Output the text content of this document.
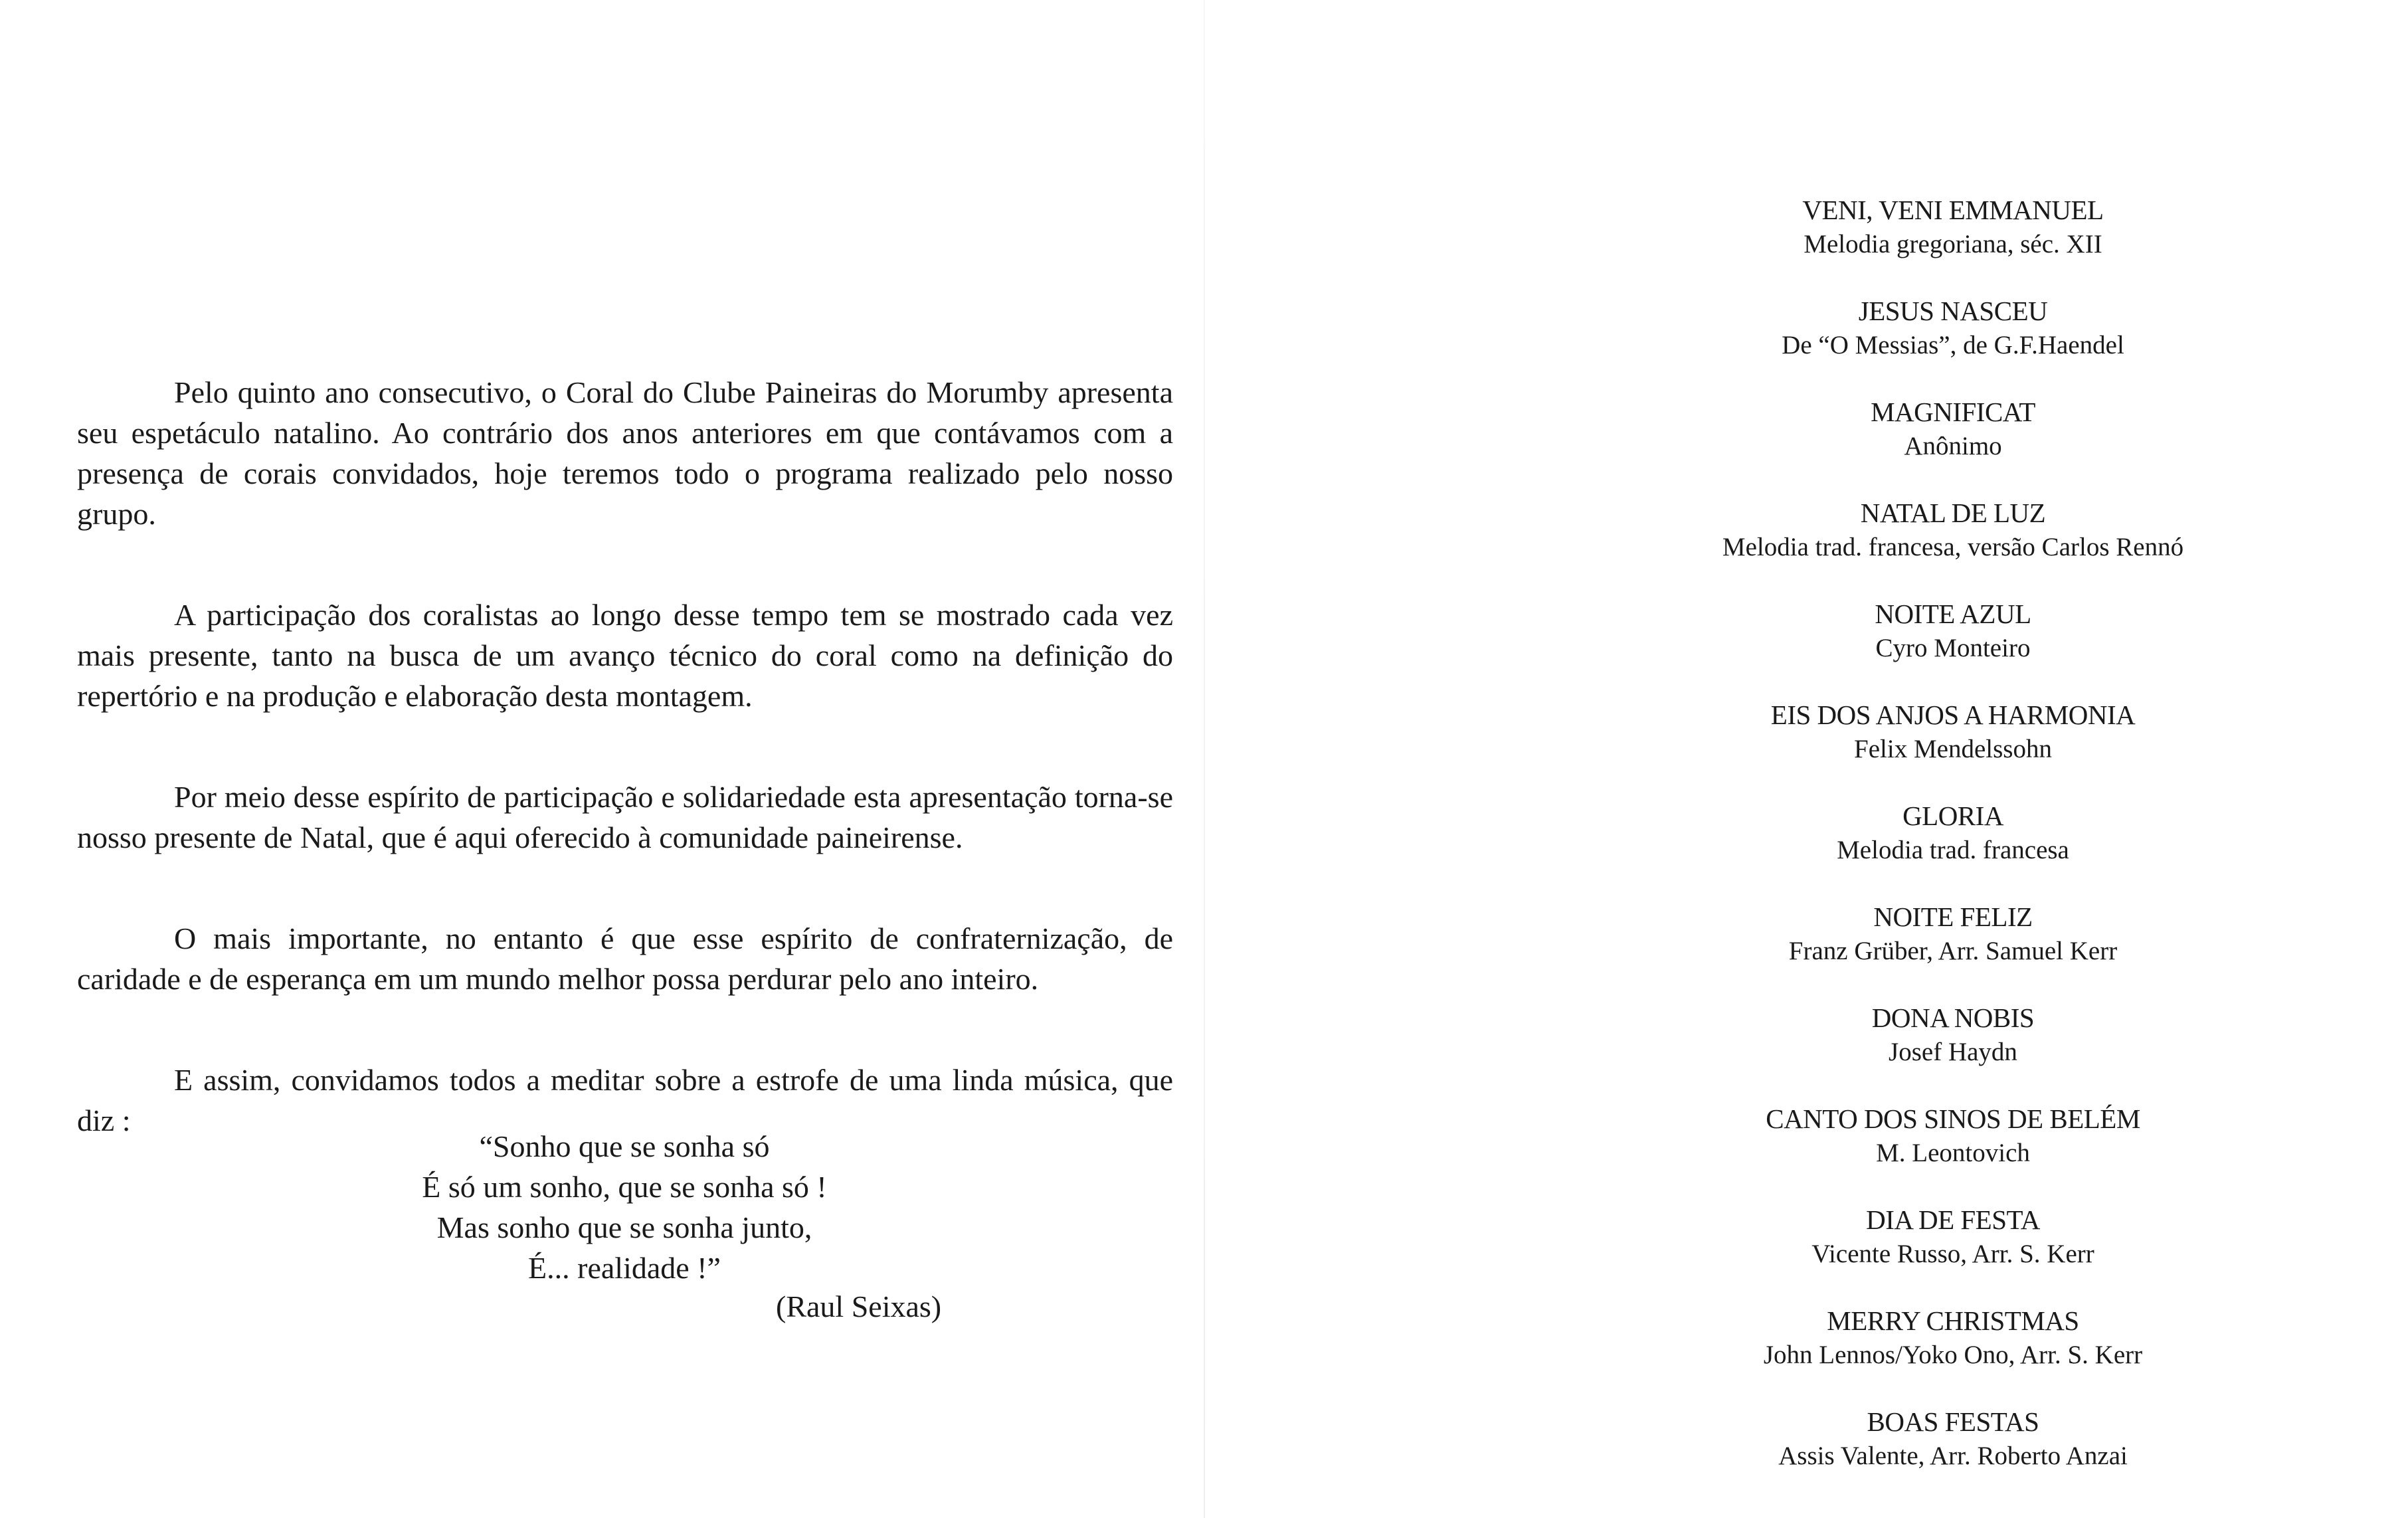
Pelo quinto ano consecutivo, o Coral do Clube Paineiras do Morumby apresenta seu espetáculo natalino. Ao contrário dos anos anteriores em que contávamos com a presença de corais convidados, hoje teremos todo o programa realizado pelo nosso grupo.

A participação dos coralistas ao longo desse tempo tem se mostrado cada vez mais presente, tanto na busca de um avanço técnico do coral como na definição do repertório e na produção e elaboração desta montagem.

Por meio desse espírito de participação e solidariedade esta apresentação torna-se nosso presente de Natal, que é aqui oferecido à comunidade paineirense.

O mais importante, no entanto é que esse espírito de confraternização, de caridade e de esperança em um mundo melhor possa perdurar pelo ano inteiro.

E assim, convidamos todos a meditar sobre a estrofe de uma linda música, que diz :

“Sonho que se sonha só
É só um sonho, que se sonha só !
Mas sonho que se sonha junto,
É... realidade !”
(Raul Seixas)
VENI, VENI EMMANUEL
Melodia gregoriana, séc. XII
JESUS NASCEU
De “O Messias”, de G.F.Haendel
MAGNIFICAT
Anônimo
NATAL DE LUZ
Melodia trad. francesa, versão Carlos Rennó
NOITE AZUL
Cyro Monteiro
EIS DOS ANJOS A HARMONIA
Felix Mendelssohn
GLORIA
Melodia trad. francesa
NOITE FELIZ
Franz Grüber, Arr. Samuel Kerr
DONA NOBIS
Josef Haydn
CANTO DOS SINOS DE BELÉM
M. Leontovich
DIA DE FESTA
Vicente Russo, Arr. S. Kerr
MERRY CHRISTMAS
John Lennos/Yoko Ono, Arr. S. Kerr
BOAS FESTAS
Assis Valente, Arr. Roberto Anzai
